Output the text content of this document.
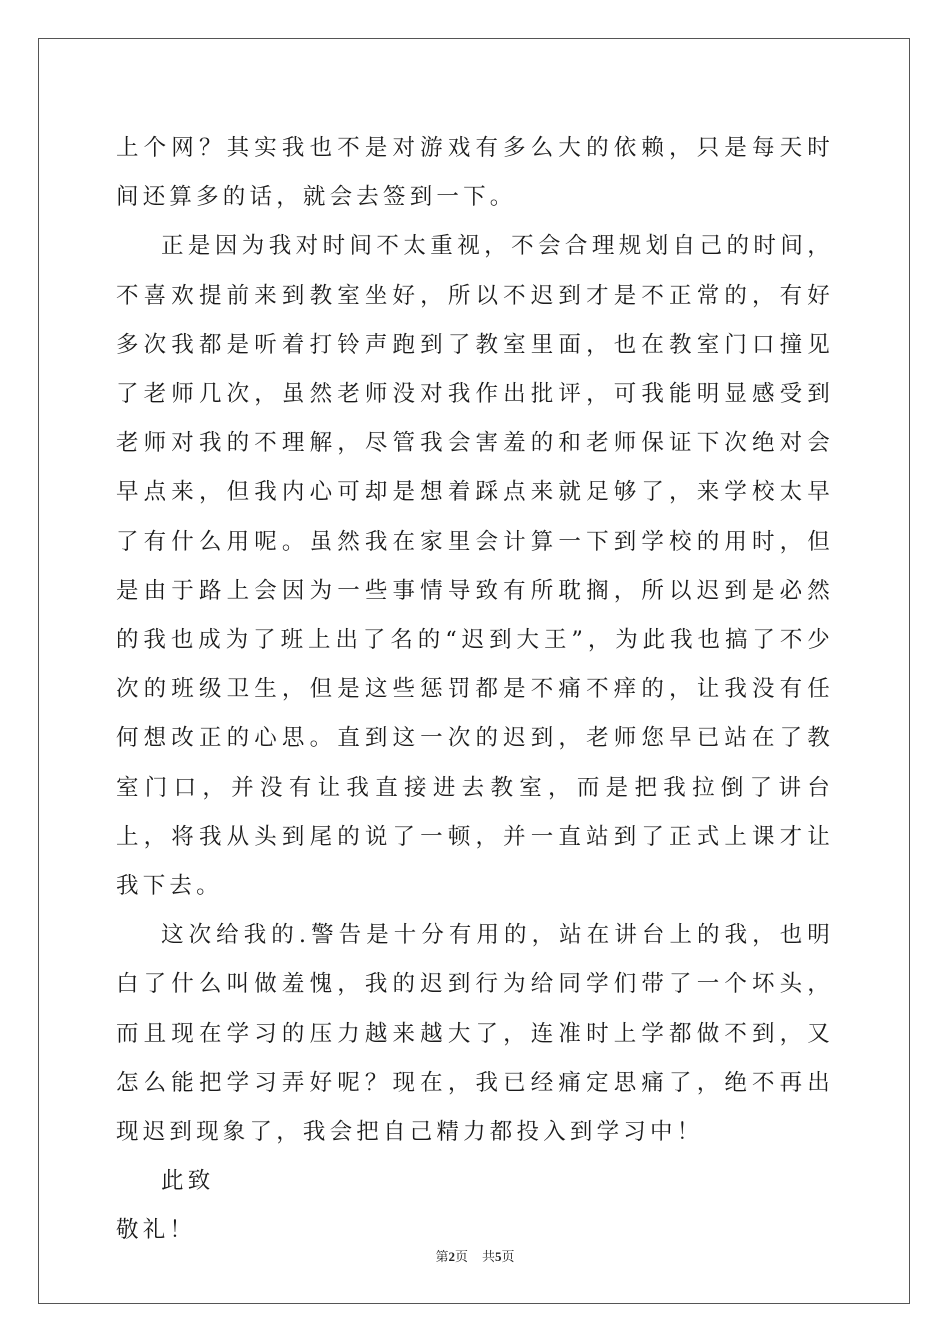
上个网？其实我也不是对游戏有多么大的依赖，只是每天时间还算多的话，就会去签到一下。

正是因为我对时间不太重视，不会合理规划自己的时间，不喜欢提前来到教室坐好，所以不迟到才是不正常的，有好多次我都是听着打铃声跑到了教室里面，也在教室门口撞见了老师几次，虽然老师没对我作出批评，可我能明显感受到老师对我的不理解，尽管我会害羞的和老师保证下次绝对会早点来，但我内心可却是想着踩点来就足够了，来学校太早了有什么用呢。虽然我在家里会计算一下到学校的用时，但是由于路上会因为一些事情导致有所耽搁，所以迟到是必然的我也成为了班上出了名的“迟到大王”，为此我也搞了不少次的班级卫生，但是这些惩罚都是不痛不痒的，让我没有任何想改正的心思。直到这一次的迟到，老师您早已站在了教室门口，并没有让我直接进去教室，而是把我拉倒了讲台上，将我从头到尾的说了一顿，并一直站到了正式上课才让我下去。

这次给我的.警告是十分有用的，站在讲台上的我，也明白了什么叫做羞愧，我的迟到行为给同学们带了一个坏头，而且现在学习的压力越来越大了，连准时上学都做不到，又怎么能把学习弄好呢？现在，我已经痛定思痛了，绝不再出现迟到现象了，我会把自己精力都投入到学习中！

此致

敬礼！

第2页 共5页
